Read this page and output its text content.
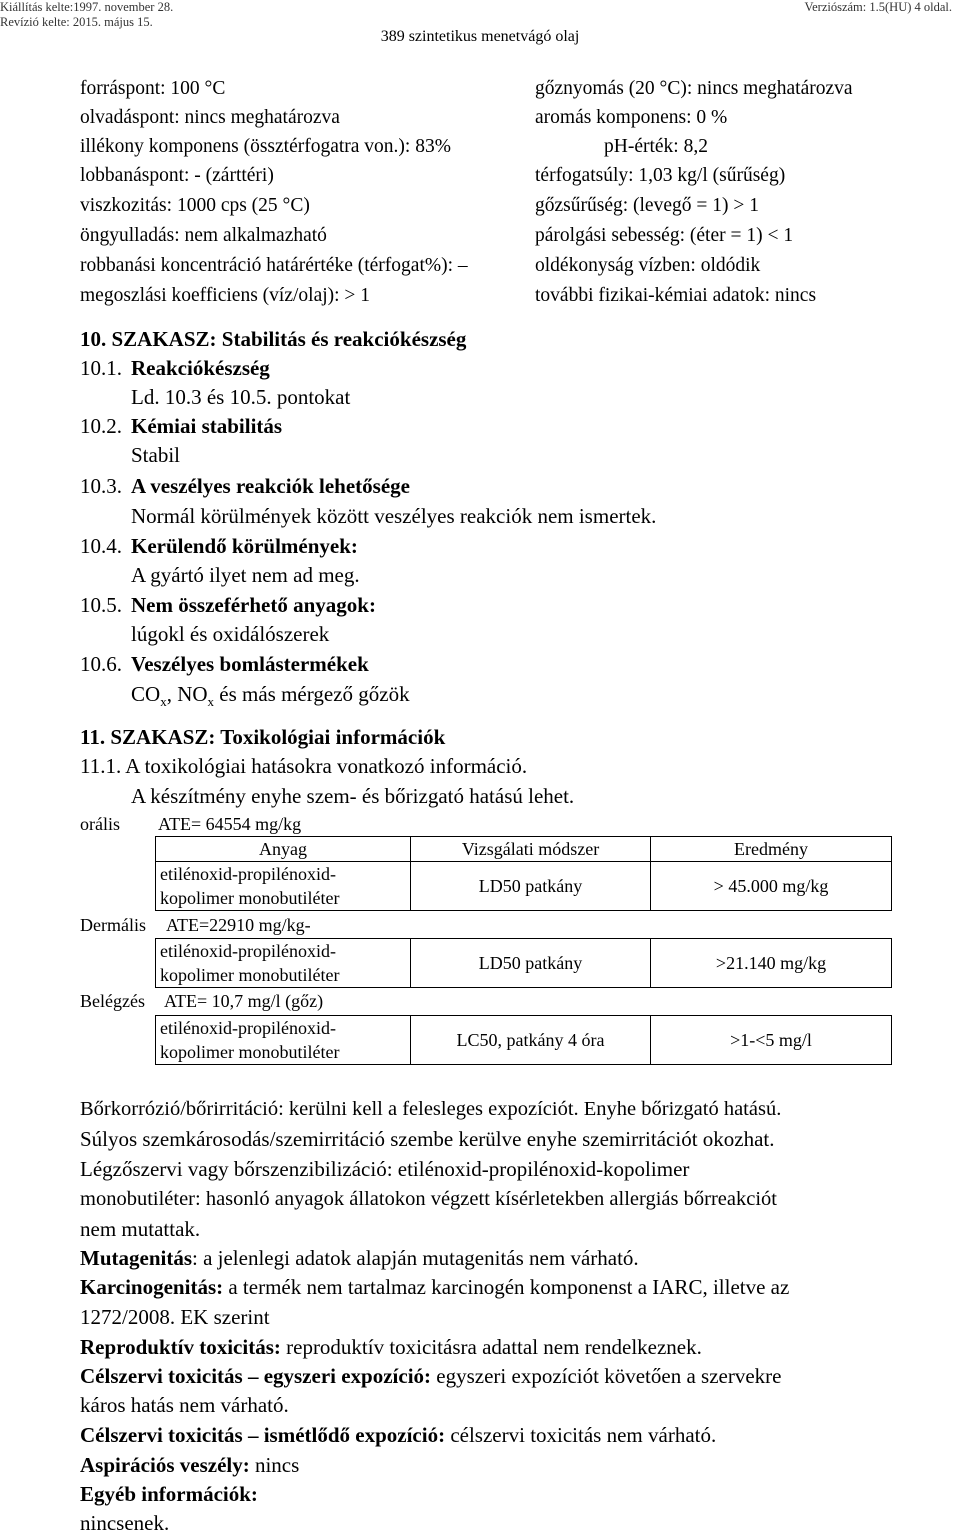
Kiállítás kelte:1997. november 28.
Revízió kelte: 2015. május 15.
Verziószám: 1.5(HU) 4 oldal.
389 szintetikus menetvágó olaj
forráspont: 100 °C	gőznyomás (20 °C): nincs meghatározva
olvadáspont: nincs meghatározva	aromás komponens: 0 %
illékony komponens (össztérfogatra von.): 83%	pH-érték: 8,2
lobbanáspont: - (zárttéri)	térfogatsúly: 1,03 kg/l (sűrűség)
viszkozitás: 1000 cps (25 °C)	gőzsűrűség: (levegő = 1) > 1
öngyulladás: nem alkalmazható	párolgási sebesség: (éter = 1) < 1
robbanási koncentráció határértéke (térfogat%): –	oldékonyság vízben: oldódik
megoszlási koefficiens (víz/olaj): > 1	további fizikai-kémiai adatok: nincs
10. SZAKASZ: Stabilitás és reakciókészség
10.1. Reakciókészség
Ld. 10.3 és 10.5. pontokat
10.2. Kémiai stabilitás
Stabil
10.3. A veszélyes reakciók lehetősége
Normál körülmények között veszélyes reakciók nem ismertek.
10.4. Kerülendő körülmények:
A gyártó ilyet nem ad meg.
10.5. Nem összeférhető anyagok:
lúgokl és oxidálószerek
10.6. Veszélyes bomlástermékek
$CO_x$, $NO_x$ és más mérgező gőzök
11. SZAKASZ: Toxikológiai információk
11.1. A toxikológiai hatásokra vonatkozó információ.
A készítmény enyhe szem- és bőrizgató hatású lehet.
orális ATE= 64554 mg/kg
Anyag	Vizsgálati módszer	Eredmény
etilénoxid-propilénoxid-
kopolimer monobutiléter	LD50 patkány	> 45.000 mg/kg
Dermális ATE=22910 mg/kg-
etilénoxid-propilénoxid-
kopolimer monobutiléter	LD50 patkány	>21.140 mg/kg
Belégzés ATE= 10,7 mg/l (gőz)
etilénoxid-propilénoxid-
kopolimer monobutiléter	LC50, patkány 4 óra	>1-<5 mg/l
Bőrkorrózió/bőrirritáció: kerülni kell a felesleges expozíciót. Enyhe bőrizgató hatású.
Súlyos szemkárosodás/szemirritáció szembe kerülve enyhe szemirritációt okozhat.
Légzőszervi vagy bőrszenzibilizáció: etilénoxid-propilénoxid-kopolimer
monobutiléter: hasonló anyagok állatokon végzett kísérletekben allergiás bőrreakciót
nem mutattak.
Mutagenitás: a jelenlegi adatok alapján mutagenitás nem várható.
Karcinogenitás: a termék nem tartalmaz karcinogén komponenst a IARC, illetve az
1272/2008. EK szerint
Reproduktív toxicitás: reproduktív toxicitásra adattal nem rendelkeznek.
Célszervi toxicitás – egyszeri expozíció: egyszeri expozíciót követően a szervekre
káros hatás nem várható.
Célszervi toxicitás – ismétlődő expozíció: célszervi toxicitás nem várható.
Aspirációs veszély: nincs
Egyéb információk:
nincsenek.
